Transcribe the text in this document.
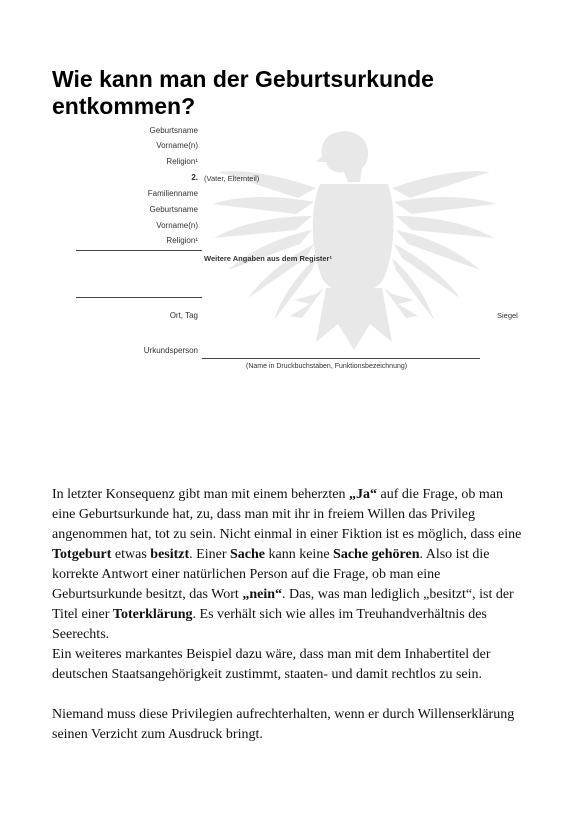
Wie kann man der Geburtsurkunde entkommen?
Geburtsname
Vorname(n)
Religion¹
2. (Vater, Elternteil)
Familienname
Geburtsname
Vorname(n)
Religion¹
Weitere Angaben aus dem Register¹
Ort, Tag	Siegel
Urkundsperson
(Name in Druckbuchstaben, Funktionsbezeichnung)

In letzter Konsequenz gibt man mit einem beherzten „Ja“ auf die Frage, ob man eine Geburtsurkunde hat, zu, dass man mit ihr in freiem Willen das Privileg angenommen hat, tot zu sein. Nicht einmal in einer Fiktion ist es möglich, dass eine Totgeburt etwas besitzt. Einer Sache kann keine Sache gehören. Also ist die korrekte Antwort einer natürlichen Person auf die Frage, ob man eine Geburtsurkunde besitzt, das Wort „nein“. Das, was man lediglich „besitzt“, ist der Titel einer Toterklärung. Es verhält sich wie alles im Treuhandverhältnis des Seerechts.

Ein weiteres markantes Beispiel dazu wäre, dass man mit dem Inhabertitel der deutschen Staatsangehörigkeit zustimmt, staaten- und damit rechtlos zu sein.

Niemand muss diese Privilegien aufrechterhalten, wenn er durch Willenserklärung seinen Verzicht zum Ausdruck bringt.
